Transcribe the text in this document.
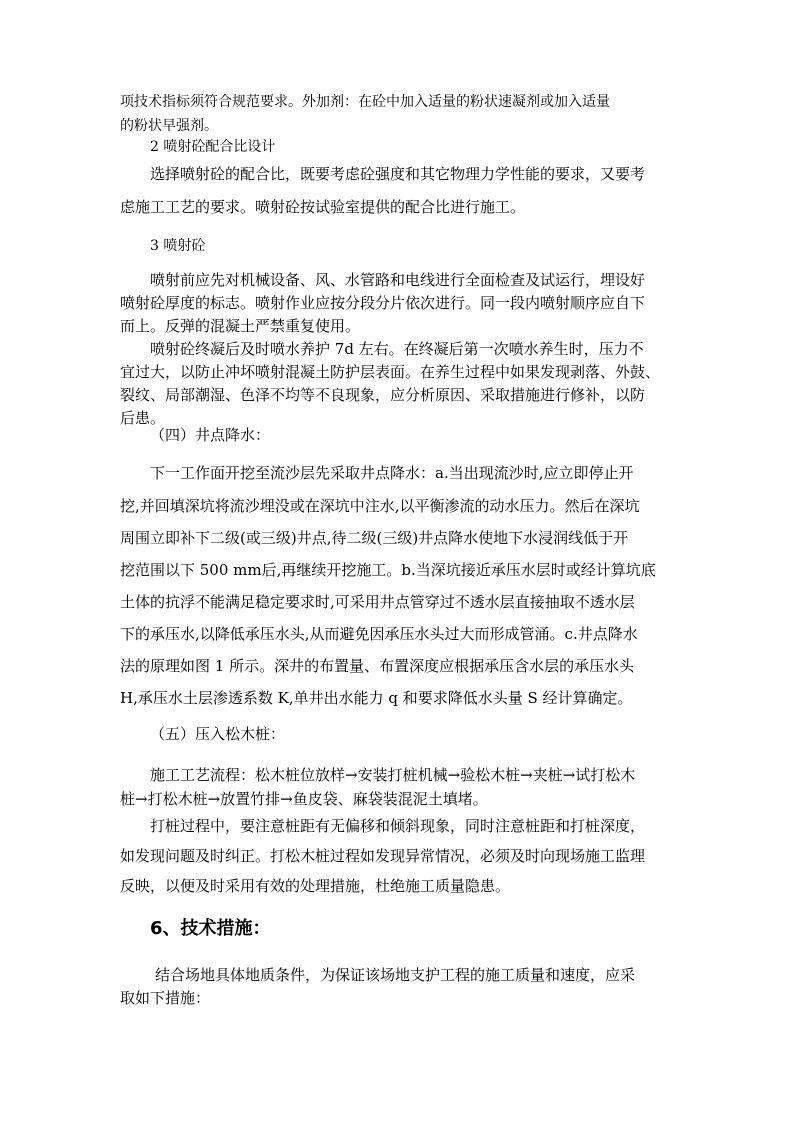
项技术指标须符合规范要求。外加剂：在砼中加入适量的粉状速凝剂或加入适量
的粉状早强剂。
2 喷射砼配合比设计
选择喷射砼的配合比，既要考虑砼强度和其它物理力学性能的要求，又要考
虑施工工艺的要求。喷射砼按试验室提供的配合比进行施工。
3 喷射砼
喷射前应先对机械设备、风、水管路和电线进行全面检查及试运行，埋设好
喷射砼厚度的标志。喷射作业应按分段分片依次进行。同一段内喷射顺序应自下
而上。反弹的混凝土严禁重复使用。
喷射砼终凝后及时喷水养护 7d 左右。在终凝后第一次喷水养生时，压力不
宜过大，以防止冲坏喷射混凝土防护层表面。在养生过程中如果发现剥落、外鼓、
裂纹、局部潮湿、色泽不均等不良现象，应分析原因、采取措施进行修补，以防
后患。
（四）井点降水：
下一工作面开挖至流沙层先采取井点降水：a.当出现流沙时,应立即停止开
挖,并回填深坑将流沙埋没或在深坑中注水,以平衡渗流的动水压力。然后在深坑
周围立即补下二级(或三级)井点,待二级(三级)井点降水使地下水浸润线低于开
挖范围以下 500 mm后,再继续开挖施工。b.当深坑接近承压水层时或经计算坑底
土体的抗浮不能满足稳定要求时,可采用井点管穿过不透水层直接抽取不透水层
下的承压水,以降低承压水头,从而避免因承压水头过大而形成管涌。c.井点降水
法的原理如图 1 所示。深井的布置量、布置深度应根据承压含水层的承压水头
H,承压水土层渗透系数 K,单井出水能力 q 和要求降低水头量 S 经计算确定。
（五）压入松木桩：
施工工艺流程：松木桩位放样→安装打桩机械→验松木桩→夹桩→试打松木
桩→打松木桩→放置竹排→鱼皮袋、麻袋装混泥土填堵。
打桩过程中，要注意桩距有无偏移和倾斜现象，同时注意桩距和打桩深度，
如发现问题及时纠正。打松木桩过程如发现异常情况，必须及时向现场施工监理
反映，以便及时采用有效的处理措施，杜绝施工质量隐患。
6、技术措施：
结合场地具体地质条件，为保证该场地支护工程的施工质量和速度，应采
取如下措施：
